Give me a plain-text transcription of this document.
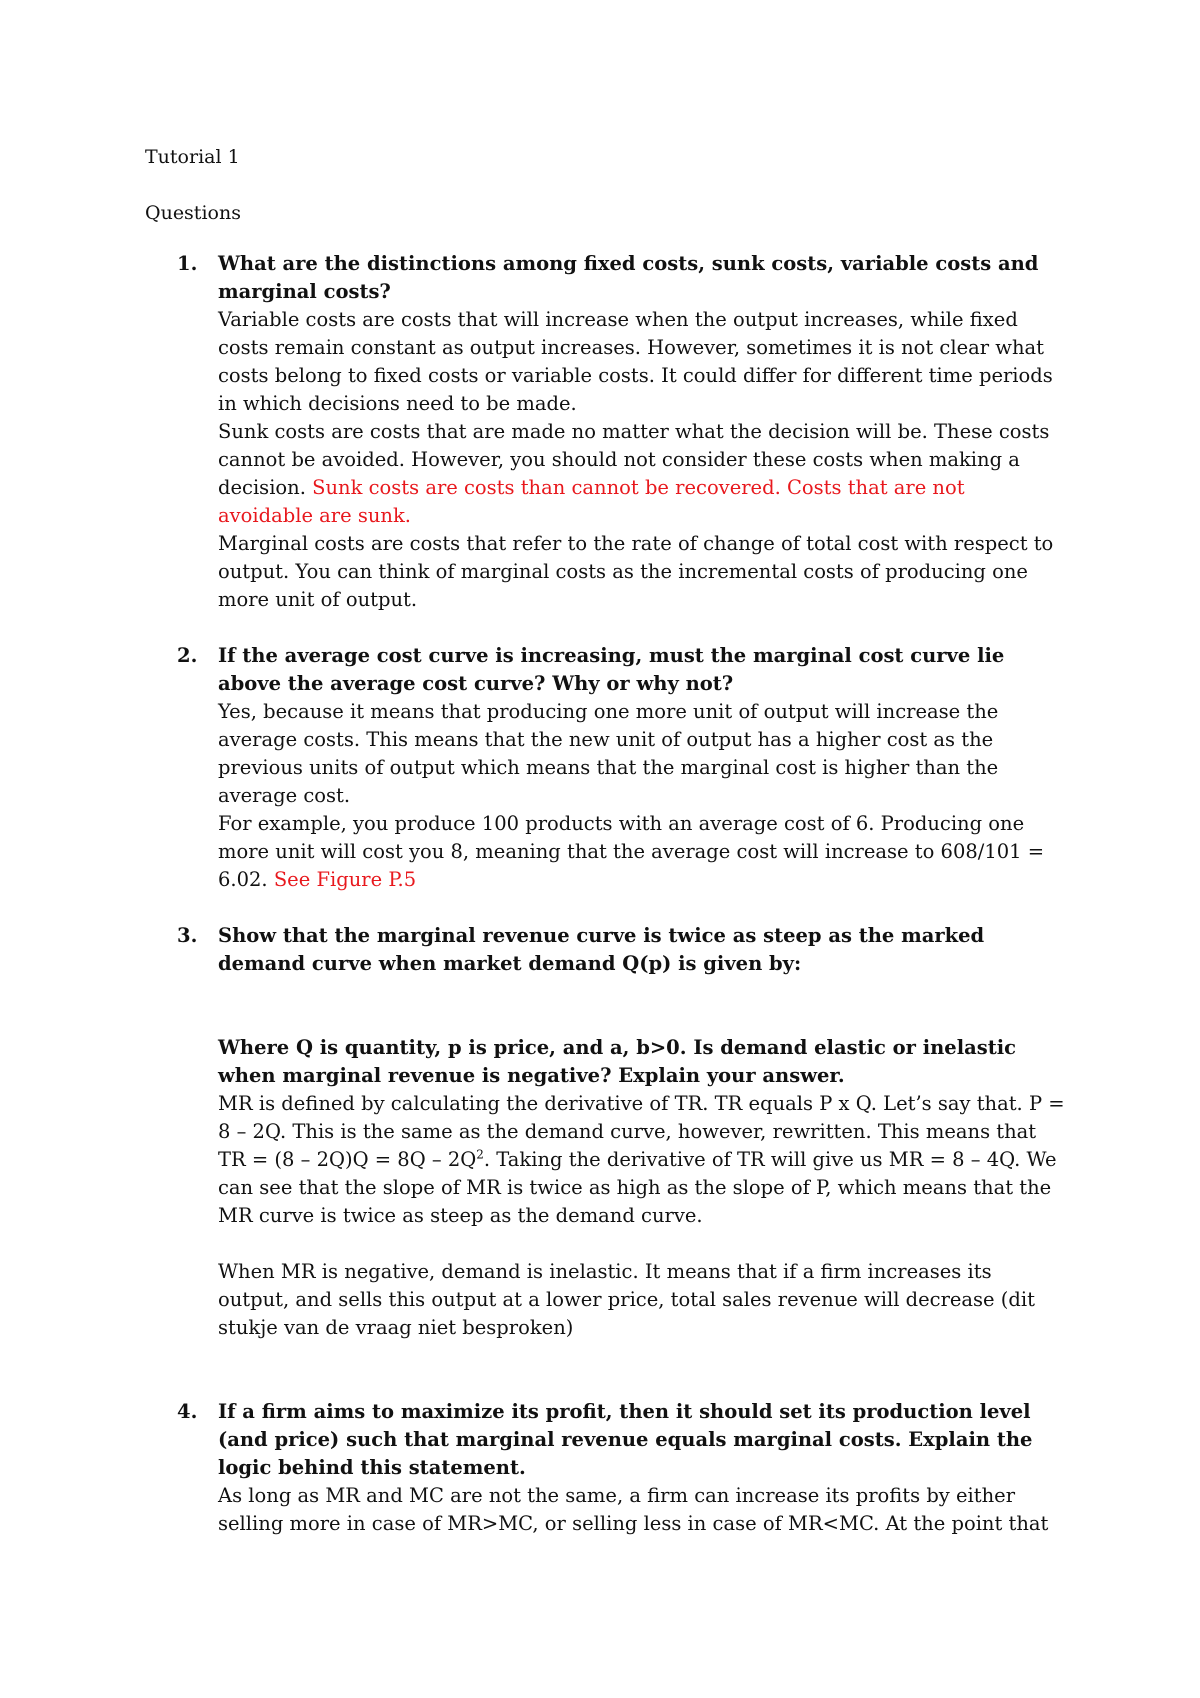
Tutorial 1
Questions
1. What are the distinctions among fixed costs, sunk costs, variable costs and marginal costs?
Variable costs are costs that will increase when the output increases, while fixed costs remain constant as output increases. However, sometimes it is not clear what costs belong to fixed costs or variable costs. It could differ for different time periods in which decisions need to be made.
Sunk costs are costs that are made no matter what the decision will be. These costs cannot be avoided. However, you should not consider these costs when making a decision. Sunk costs are costs than cannot be recovered. Costs that are not avoidable are sunk.
Marginal costs are costs that refer to the rate of change of total cost with respect to output. You can think of marginal costs as the incremental costs of producing one more unit of output.
2. If the average cost curve is increasing, must the marginal cost curve lie above the average cost curve? Why or why not?
Yes, because it means that producing one more unit of output will increase the average costs. This means that the new unit of output has a higher cost as the previous units of output which means that the marginal cost is higher than the average cost.
For example, you produce 100 products with an average cost of 6. Producing one more unit will cost you 8, meaning that the average cost will increase to 608/101 = 6.02. See Figure P.5
3. Show that the marginal revenue curve is twice as steep as the marked demand curve when market demand Q(p) is given by:
Where Q is quantity, p is price, and a, b>0. Is demand elastic or inelastic when marginal revenue is negative? Explain your answer.
MR is defined by calculating the derivative of TR. TR equals P x Q. Let’s say that. P = 8 – 2Q. This is the same as the demand curve, however, rewritten. This means that TR = $(8 - 2Q)Q = 8Q - 2Q^2$. Taking the derivative of TR will give us MR = 8 – 4Q. We can see that the slope of MR is twice as high as the slope of P, which means that the MR curve is twice as steep as the demand curve.
When MR is negative, demand is inelastic. It means that if a firm increases its output, and sells this output at a lower price, total sales revenue will decrease (dit stukje van de vraag niet besproken)
4. If a firm aims to maximize its profit, then it should set its production level (and price) such that marginal revenue equals marginal costs. Explain the logic behind this statement.
As long as MR and MC are not the same, a firm can increase its profits by either selling more in case of MR>MC, or selling less in case of MR<MC. At the point that
